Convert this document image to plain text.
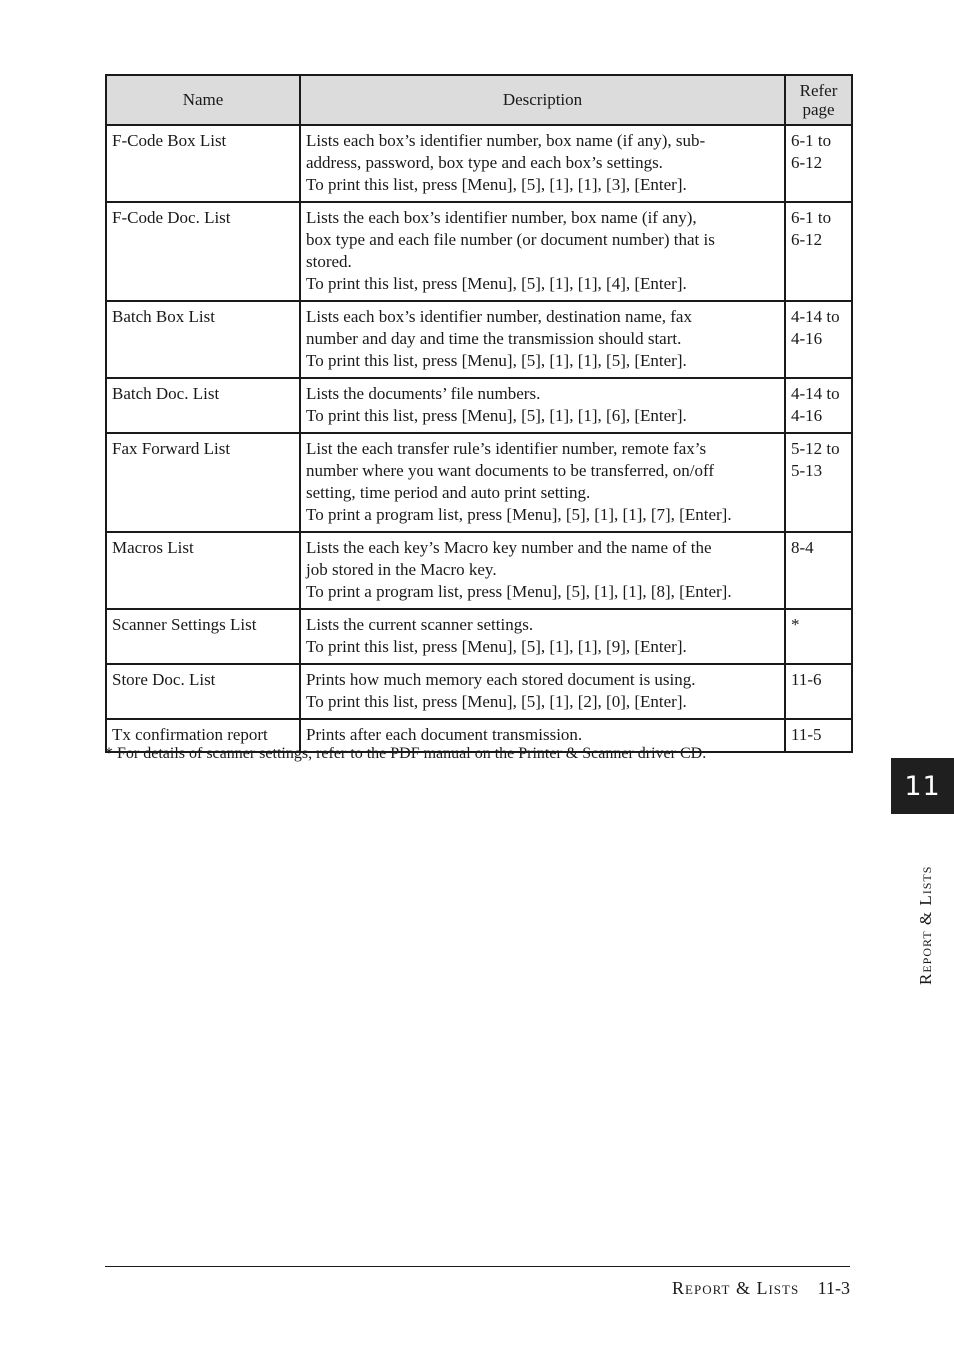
Name	Description	Refer
page

F-Code Box List	Lists each box’s identifier number, box name (if any), sub-
address, password, box type and each box’s settings.
To print this list, press [Menu], [5], [1], [1], [3], [Enter].	6-1 to
6-12

F-Code Doc. List	Lists the each box’s identifier number, box name (if any),
box type and each file number (or document number) that is
stored.
To print this list, press [Menu], [5], [1], [1], [4], [Enter].	6-1 to
6-12

Batch Box List	Lists each box’s identifier number, destination name, fax
number and day and time the transmission should start.
To print this list, press [Menu], [5], [1], [1], [5], [Enter].	4-14 to
4-16

Batch Doc. List	Lists the documents’ file numbers.
To print this list, press [Menu], [5], [1], [1], [6], [Enter].	4-14 to
4-16

Fax Forward List	List the each transfer rule’s identifier number, remote fax’s
number where you want documents to be transferred, on/off
setting, time period and auto print setting.
To print a program list, press [Menu], [5], [1], [1], [7], [Enter].	5-12 to
5-13

Macros List	Lists the each key’s Macro key number and the name of the
job stored in the Macro key.
To print a program list, press [Menu], [5], [1], [1], [8], [Enter].	8-4

Scanner Settings List	Lists the current scanner settings.
To print this list, press [Menu], [5], [1], [1], [9], [Enter].	*

Store Doc. List	Prints how much memory each stored document is using.
To print this list, press [Menu], [5], [1], [2], [0], [Enter].	11-6

Tx confirmation report	Prints after each document transmission.	11-5
* For details of scanner settings, refer to the PDF manual on the Printer & Scanner driver CD.
11
Report & Lists
Report & Lists 11-3
